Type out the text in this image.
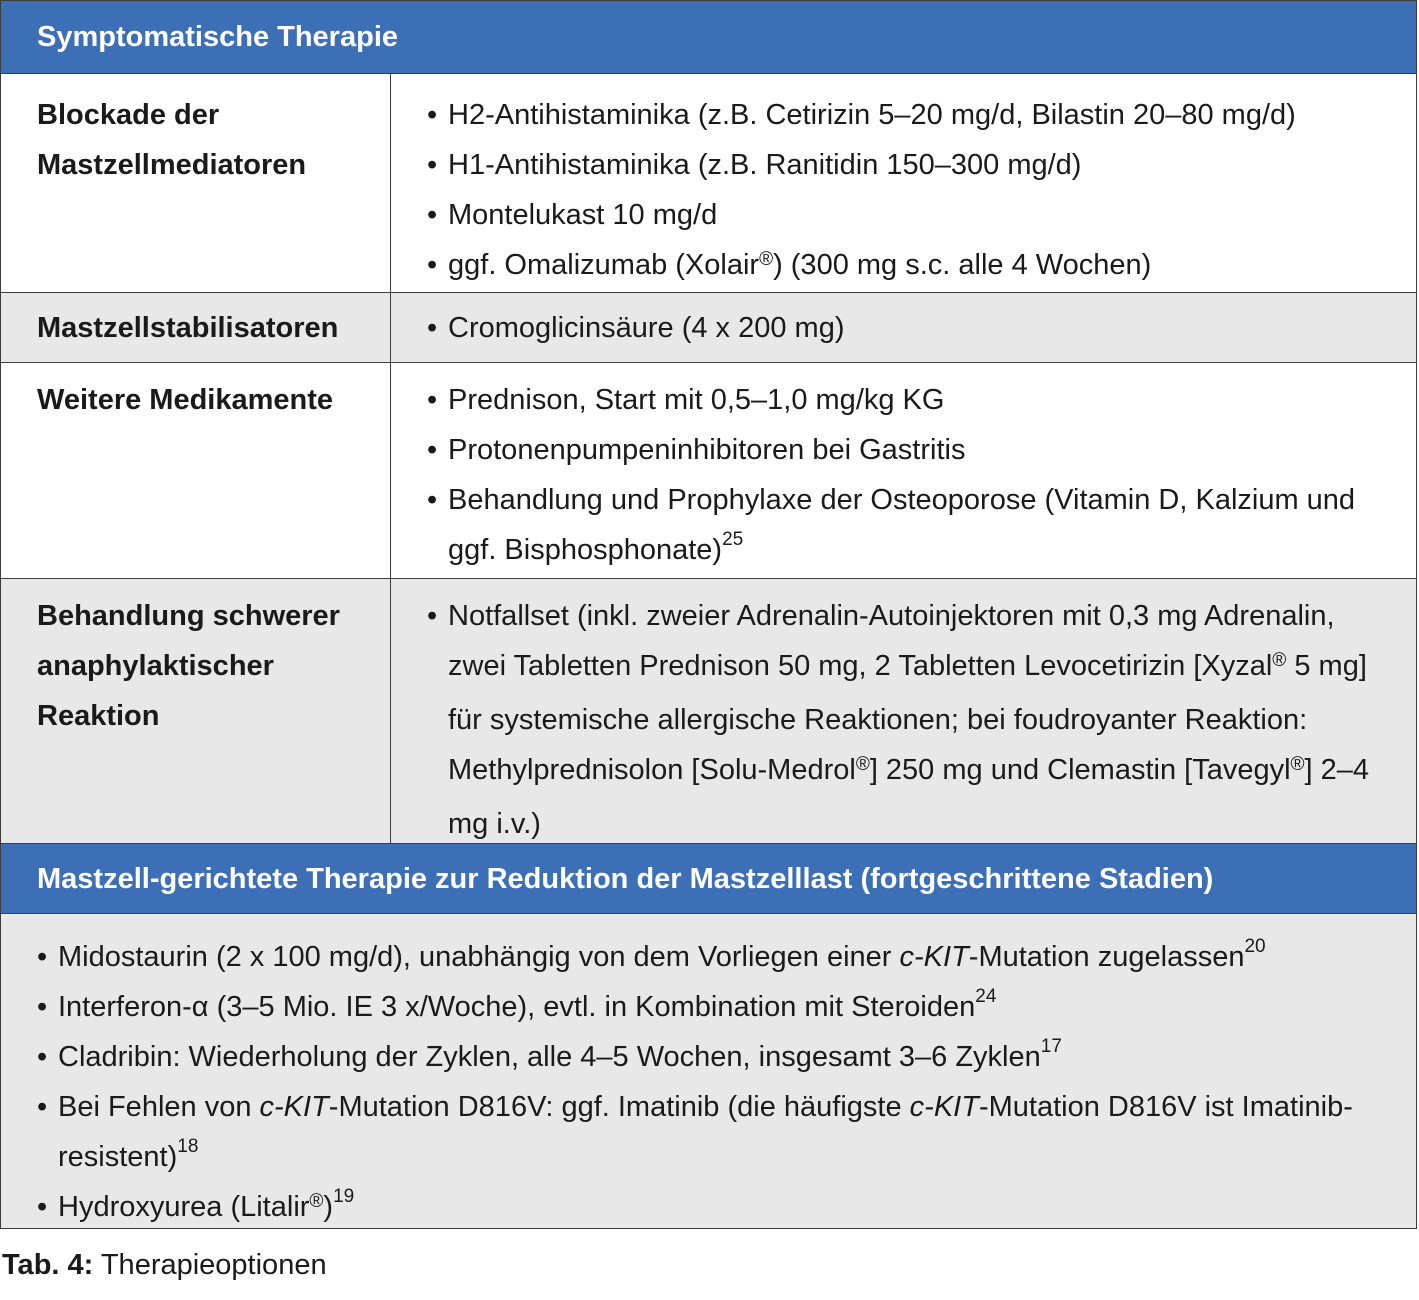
Symptomatische Therapie
Blockade der Mastzellmediatoren
• H2-Antihistaminika (z.B. Cetirizin 5–20 mg/d, Bilastin 20–80 mg/d)
• H1-Antihistaminika (z.B. Ranitidin 150–300 mg/d)
• Montelukast 10 mg/d
• ggf. Omalizumab (Xolair®) (300 mg s.c. alle 4 Wochen)
Mastzellstabilisatoren	• Cromoglicinsäure (4 x 200 mg)
Weitere Medikamente	• Prednison, Start mit 0,5–1,0 mg/kg KG
• Protonenpumpeninhibitoren bei Gastritis
• Behandlung und Prophylaxe der Osteoporose (Vitamin D, Kalzium und ggf. Bisphosphonate)$^{25}$
Behandlung schwerer anaphylaktischer Reaktion
• Notfallset (inkl. zweier Adrenalin-Autoinjektoren mit 0,3 mg Adrenalin, zwei Tabletten Prednison 50 mg, 2 Tabletten Levocetirizin [Xyzal® 5 mg] für systemische allergische Reaktionen; bei foudroyanter Reaktion: Methylprednisolon [Solu-Medrol®] 250 mg und Clemastin [Tavegyl®] 2–4 mg i.v.)
Mastzell-gerichtete Therapie zur Reduktion der Mastzelllast (fortgeschrittene Stadien)
• Midostaurin (2 x 100 mg/d), unabhängig von dem Vorliegen einer c-KIT-Mutation zugelassen$^{20}$
• Interferon-α (3–5 Mio. IE 3 x/Woche), evtl. in Kombination mit Steroiden$^{24}$
• Cladribin: Wiederholung der Zyklen, alle 4–5 Wochen, insgesamt 3–6 Zyklen$^{17}$
• Bei Fehlen von c-KIT-Mutation D816V: ggf. Imatinib (die häufigste c-KIT-Mutation D816V ist Imatinib-resistent)$^{18}$
• Hydroxyurea (Litalir®)$^{19}$
Tab. 4: Therapieoptionen
